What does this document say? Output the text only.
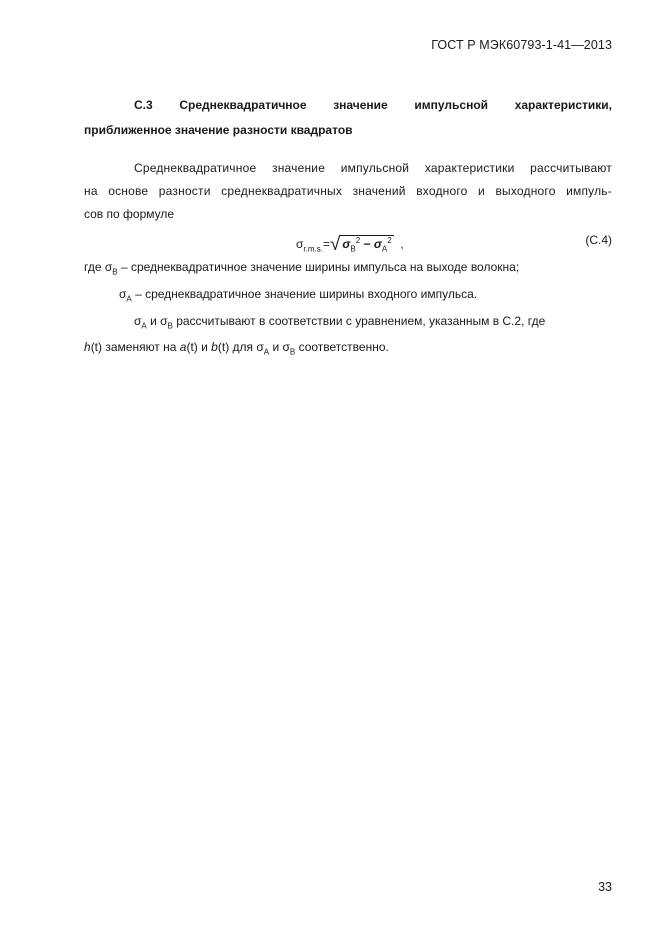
ГОСТ Р МЭК60793-1-41—2013
С.3 Среднеквадратичное значение импульсной характеристики,
приближенное значение разности квадратов
Среднеквадратичное значение импульсной характеристики рассчитывают
на основе разности среднеквадратичных значений входного и выходного импуль-
сов по формуле
$\sigma_{r.m.s.}=√$ $\sigma_B^2 - \sigma_A^2$ ,	(С.4)
где $\sigma_B$ – среднеквадратичное значение ширины импульса на выходе волокна;
$\sigma_A$ – среднеквадратичное значение ширины входного импульса.
$\sigma_A$ и $\sigma_B$ рассчитывают в соответствии с уравнением, указанным в С.2, где
h(t) заменяют на a(t) и b(t) для $\sigma_A$ и $\sigma_B$ соответственно.
33
